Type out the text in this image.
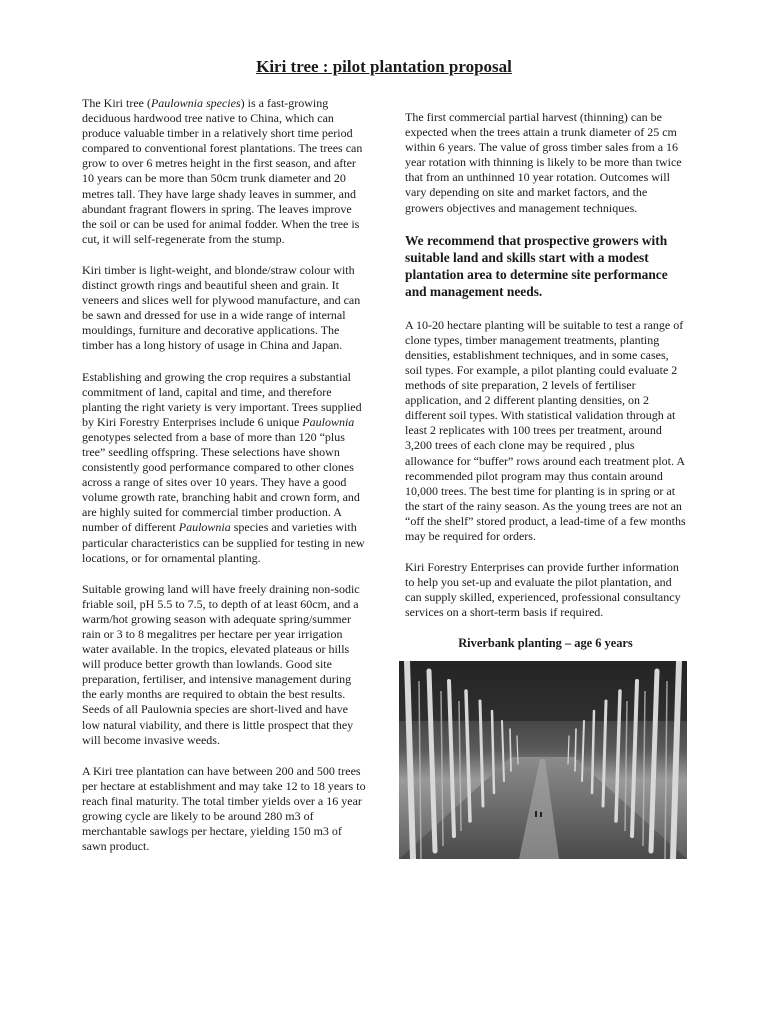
Kiri tree : pilot plantation proposal

The Kiri tree (Paulownia species) is a fast-growing deciduous hardwood tree native to China, which can produce valuable timber in a relatively short time period compared to conventional forest plantations. The trees can grow to over 6 metres height in the first season, and after 10 years can be more than 50cm trunk diameter and 20 metres tall. They have large shady leaves in summer, and abundant fragrant flowers in spring. The leaves improve the soil or can be used for animal fodder. When the tree is cut, it will self-regenerate from the stump.

Kiri timber is light-weight, and blonde/straw colour with distinct growth rings and beautiful sheen and grain. It veneers and slices well for plywood manufacture, and can be sawn and dressed for use in a wide range of internal mouldings, furniture and decorative applications. The timber has a long history of usage in China and Japan.

Establishing and growing the crop requires a substantial commitment of land, capital and time, and therefore planting the right variety is very important. Trees supplied by Kiri Forestry Enterprises include 6 unique Paulownia genotypes selected from a base of more than 120 “plus tree” seedling offspring. These selections have shown consistently good performance compared to other clones across a range of sites over 10 years. They have a good volume growth rate, branching habit and crown form, and are highly suited for commercial timber production. A number of different Paulownia species and varieties with particular characteristics can be supplied for testing in new locations, or for ornamental planting.

Suitable growing land will have freely draining non-sodic friable soil, pH 5.5 to 7.5, to depth of at least 60cm, and a warm/hot growing season with adequate spring/summer rain or 3 to 8 megalitres per hectare per year irrigation water available. In the tropics, elevated plateaus or hills will produce better growth than lowlands. Good site preparation, fertiliser, and intensive management during the early months are required to obtain the best results. Seeds of all Paulownia species are short-lived and have low natural viability, and there is little prospect that they will become invasive weeds.

A Kiri tree plantation can have between 200 and 500 trees per hectare at establishment and may take 12 to 18 years to reach final maturity. The total timber yields over a 16 year growing cycle are likely to be around 280 m3 of merchantable sawlogs per hectare, yielding 150 m3 of sawn product.

The first commercial partial harvest (thinning) can be expected when the trees attain a trunk diameter of 25 cm within 6 years. The value of gross timber sales from a 16 year rotation with thinning is likely to be more than twice that from an unthinned 10 year rotation. Outcomes will vary depending on site and market factors, and the growers objectives and management techniques.

We recommend that prospective growers with suitable land and skills start with a modest plantation area to determine site performance and management needs.

A 10-20 hectare planting will be suitable to test a range of clone types, timber management treatments, planting densities, establishment techniques, and in some cases, soil types. For example, a pilot planting could evaluate 2 methods of site preparation, 2 levels of fertiliser application, and 2 different planting densities, on 2 different soil types. With statistical validation through at least 2 replicates with 100 trees per treatment, around 3,200 trees of each clone may be required , plus allowance for “buffer” rows around each treatment plot. A recommended pilot program may thus contain around 10,000 trees. The best time for planting is in spring or at the start of the rainy season. As the young trees are not an “off the shelf” stored product, a lead-time of a few months may be required for orders.

Kiri Forestry Enterprises can provide further information to help you set-up and evaluate the pilot plantation, and can supply skilled, experienced, professional consultancy services on a short-term basis if required.

Riverbank planting – age 6 years
